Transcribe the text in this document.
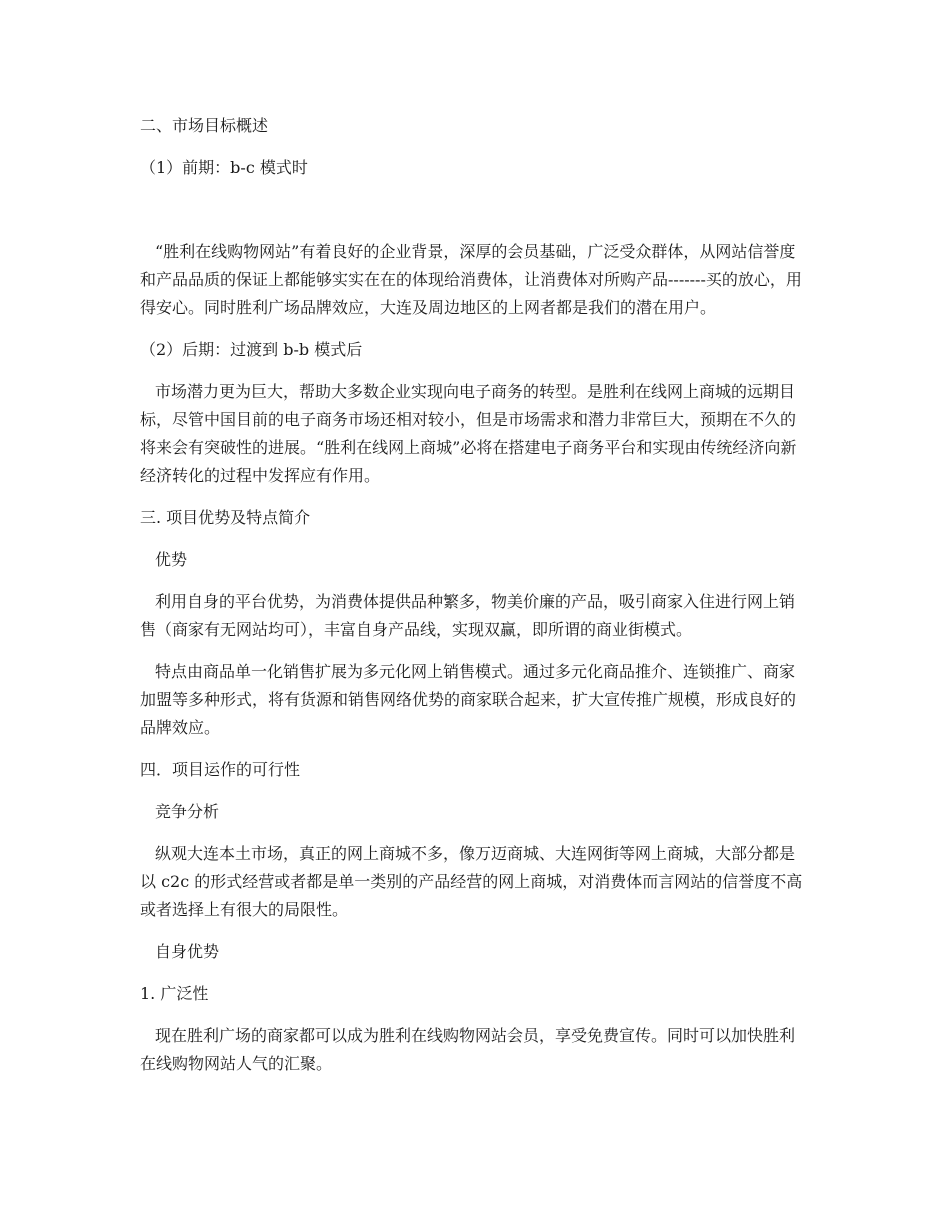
二、市场目标概述

（1）前期：b-c 模式时

“胜利在线购物网站”有着良好的企业背景，深厚的会员基础，广泛受众群体，从网站信誉度和产品品质的保证上都能够实实在在的体现给消费体，让消费体对所购产品-------买的放心，用得安心。同时胜利广场品牌效应，大连及周边地区的上网者都是我们的潜在用户。

（2）后期：过渡到 b-b 模式后

市场潜力更为巨大，帮助大多数企业实现向电子商务的转型。是胜利在线网上商城的远期目标，尽管中国目前的电子商务市场还相对较小，但是市场需求和潜力非常巨大，预期在不久的将来会有突破性的进展。“胜利在线网上商城”必将在搭建电子商务平台和实现由传统经济向新经济转化的过程中发挥应有作用。

三. 项目优势及特点简介

优势

利用自身的平台优势，为消费体提供品种繁多，物美价廉的产品，吸引商家入住进行网上销售（商家有无网站均可），丰富自身产品线，实现双赢，即所谓的商业街模式。

特点由商品单一化销售扩展为多元化网上销售模式。通过多元化商品推介、连锁推广、商家加盟等多种形式，将有货源和销售网络优势的商家联合起来，扩大宣传推广规模，形成良好的品牌效应。

四．项目运作的可行性

竞争分析

纵观大连本土市场，真正的网上商城不多，像万迈商城、大连网街等网上商城，大部分都是以 c2c 的形式经营或者都是单一类别的产品经营的网上商城，对消费体而言网站的信誉度不高或者选择上有很大的局限性。

自身优势

1. 广泛性

现在胜利广场的商家都可以成为胜利在线购物网站会员，享受免费宣传。同时可以加快胜利在线购物网站人气的汇聚。
